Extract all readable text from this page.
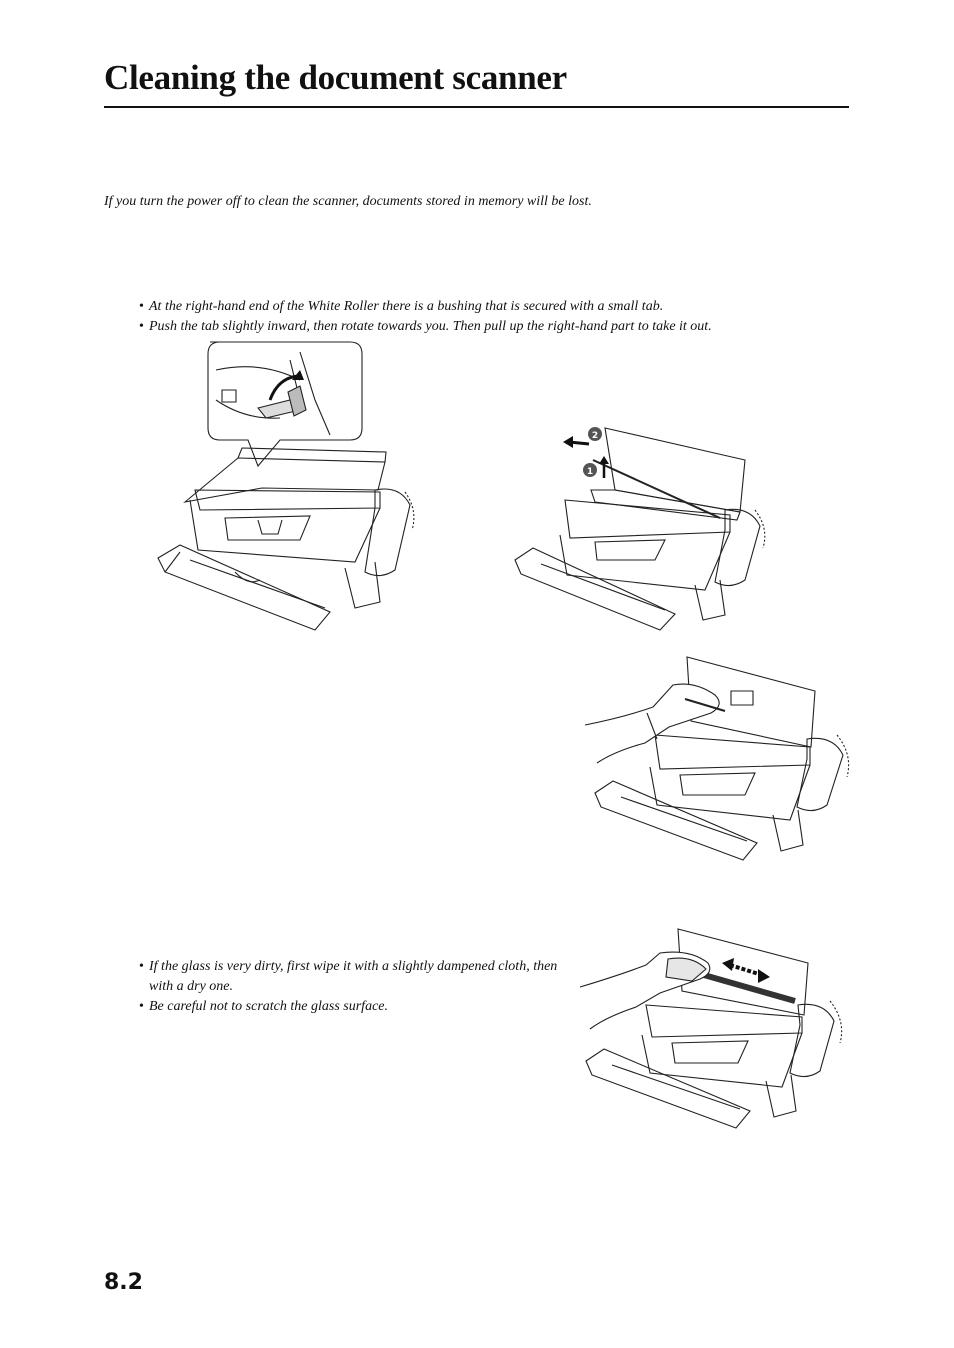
Cleaning the document scanner
If you turn the power off to clean the scanner, documents stored in memory will be lost.
• At the right-hand end of the White Roller there is a bushing that is secured with a small tab.
• Push the tab slightly inward, then rotate towards you. Then pull up the right-hand part to take it out.
2
1
• If the glass is very dirty, first wipe it with a slightly dampened cloth, then with a dry one.
• Be careful not to scratch the glass surface.
8.2
